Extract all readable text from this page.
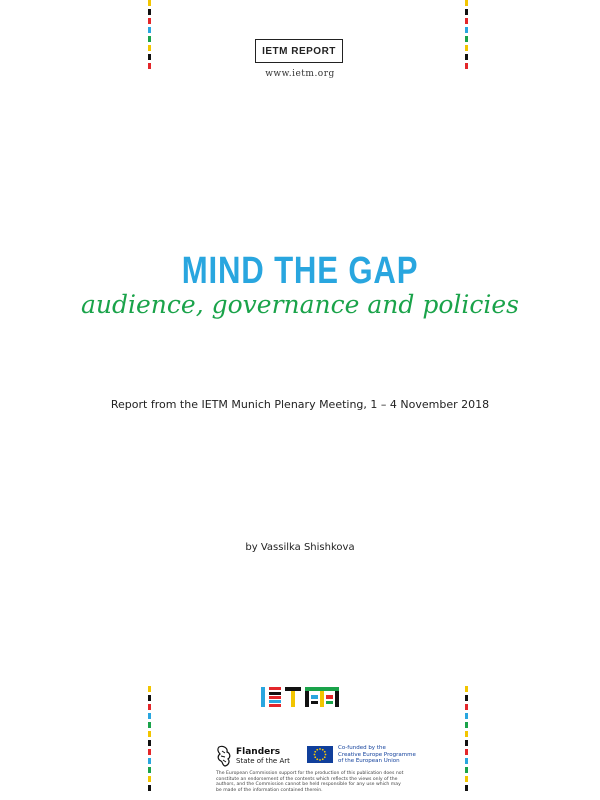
IETM REPORT
www.ietm.org
MIND THE GAP
audience, governance and policies
Report from the IETM Munich Plenary Meeting, 1 – 4 November 2018
by Vassilka Shishkova
Flanders
State of the Art
Co-funded by the
Creative Europe Programme
of the European Union
The European Commission support for the production of this publication does not constitute an endorsement of the contents which reflects the views only of the authors, and the Commission cannot be held responsible for any use which may be made of the information contained therein.
